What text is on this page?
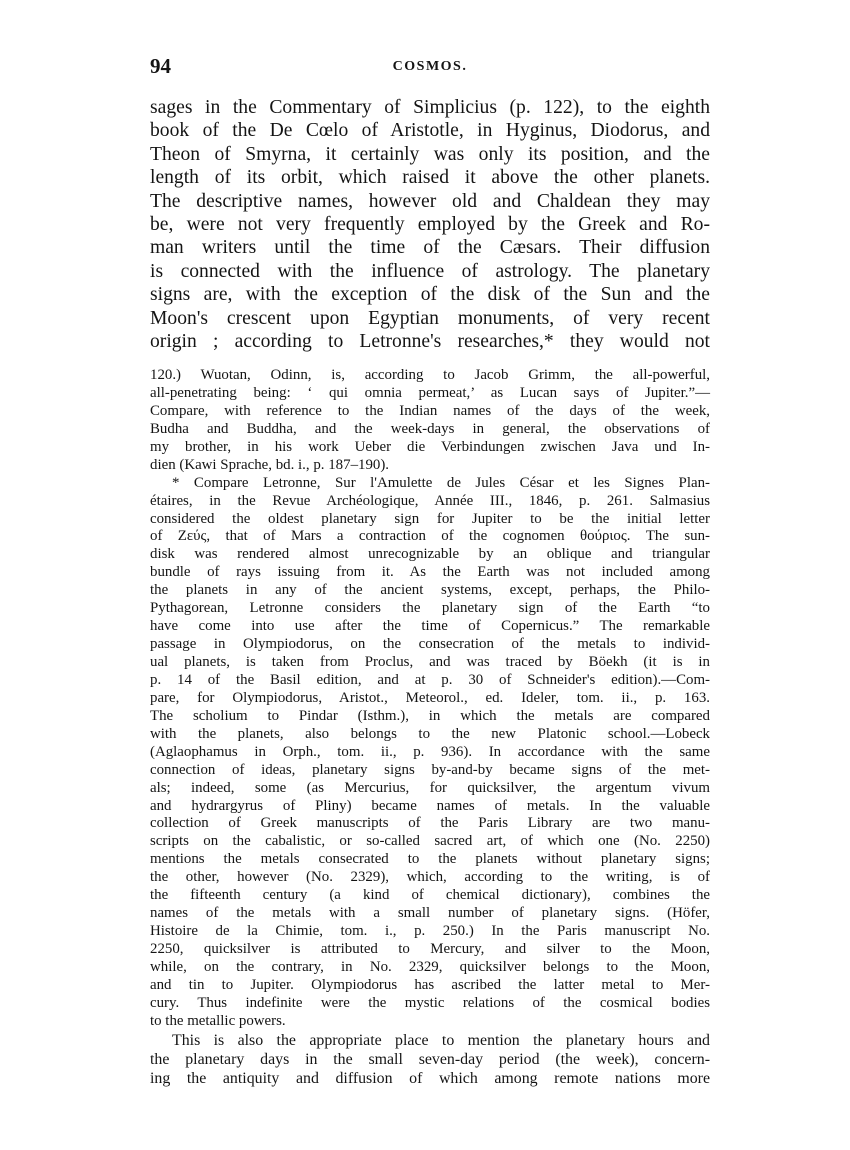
94	COSMOS.
sages in the Commentary of Simplicius (p. 122), to the eighth
book of the De Cœlo of Aristotle, in Hyginus, Diodorus, and
Theon of Smyrna, it certainly was only its position, and the
length of its orbit, which raised it above the other planets.
The descriptive names, however old and Chaldean they may
be, were not very frequently employed by the Greek and Ro-
man writers until the time of the Cæsars. Their diffusion
is connected with the influence of astrology. The planetary
signs are, with the exception of the disk of the Sun and the
Moon's crescent upon Egyptian monuments, of very recent
origin ; according to Letronne's researches,* they would not
120.) Wuotan, Odinn, is, according to Jacob Grimm, the all-powerful,
all-penetrating being: ‘ qui omnia permeat,’ as Lucan says of Jupiter.”—
Compare, with reference to the Indian names of the days of the week,
Budha and Buddha, and the week-days in general, the observations of
my brother, in his work Ueber die Verbindungen zwischen Java und In-
dien (Kawi Sprache, bd. i., p. 187–190).
* Compare Letronne, Sur l'Amulette de Jules César et les Signes Plan-
étaires, in the Revue Archéologique, Année III., 1846, p. 261. Salmasius
considered the oldest planetary sign for Jupiter to be the initial letter
of Ζεύς, that of Mars a contraction of the cognomen θούριος. The sun-
disk was rendered almost unrecognizable by an oblique and triangular
bundle of rays issuing from it. As the Earth was not included among
the planets in any of the ancient systems, except, perhaps, the Philo-
Pythagorean, Letronne considers the planetary sign of the Earth “to
have come into use after the time of Copernicus.” The remarkable
passage in Olympiodorus, on the consecration of the metals to individ-
ual planets, is taken from Proclus, and was traced by Böekh (it is in
p. 14 of the Basil edition, and at p. 30 of Schneider's edition).—Com-
pare, for Olympiodorus, Aristot., Meteorol., ed. Ideler, tom. ii., p. 163.
The scholium to Pindar (Isthm.), in which the metals are compared
with the planets, also belongs to the new Platonic school.—Lobeck
(Aglaophamus in Orph., tom. ii., p. 936). In accordance with the same
connection of ideas, planetary signs by-and-by became signs of the met-
als; indeed, some (as Mercurius, for quicksilver, the argentum vivum
and hydrargyrus of Pliny) became names of metals. In the valuable
collection of Greek manuscripts of the Paris Library are two manu-
scripts on the cabalistic, or so-called sacred art, of which one (No. 2250)
mentions the metals consecrated to the planets without planetary signs;
the other, however (No. 2329), which, according to the writing, is of
the fifteenth century (a kind of chemical dictionary), combines the
names of the metals with a small number of planetary signs. (Höfer,
Histoire de la Chimie, tom. i., p. 250.) In the Paris manuscript No.
2250, quicksilver is attributed to Mercury, and silver to the Moon,
while, on the contrary, in No. 2329, quicksilver belongs to the Moon,
and tin to Jupiter. Olympiodorus has ascribed the latter metal to Mer-
cury. Thus indefinite were the mystic relations of the cosmical bodies
to the metallic powers.
This is also the appropriate place to mention the planetary hours and
the planetary days in the small seven-day period (the week), concern-
ing the antiquity and diffusion of which among remote nations more
